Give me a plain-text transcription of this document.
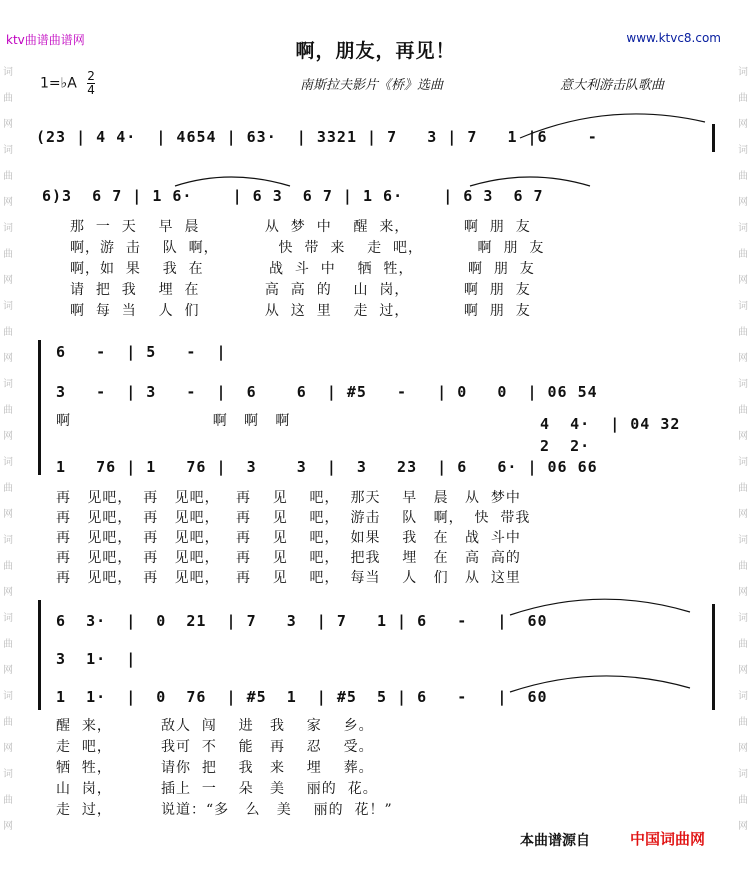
词
曲
网
词
曲
网
词
曲
网
词
曲
网
词
曲
网
词
曲
网
词
曲
网
词
曲
网
词
曲
网
词
曲
网
词
曲
网
词
曲
网
词
曲
网
词
曲
网
词
曲
网
词
曲
网
词
曲
网
词
曲
网
词
曲
网
词
曲
网
ktv曲谱曲谱网	www.ktvc8.com
啊，朋友，再见！
1=♭A $\frac{2}{4}$	南斯拉夫影片《桥》选曲	意大利游击队歌曲
(23 | 4 4·  | 4654 | 63·  | 3321 | 7   3 | 7   1 |6    -
6)3  6 7 | 1 6·    | 6 3  6 7 | 1 6·    | 6 3  6 7
那  一  天    早  晨            从  梦  中    醒  来，          啊  朋  友
啊，游  击    队  啊，           快  带  来    走  吧，          啊  朋  友
啊，如  果    我  在            战  斗  中    牺  牲，          啊  朋  友
请  把  我    埋  在            高  高  的    山  岗，          啊  朋  友
啊  每  当    人  们            从  这  里    走  过，          啊  朋  友
6   -  | 5   -  |
3   -  | 3   -  |  6    6  | #5   -   | 0   0  | 06 54
啊                          啊   啊   啊	4  4·  | 04 32
2  2·
1   76 | 1   76 |  3    3  |  3   23  | 6   6· | 06 66
再   见吧，  再   见吧，   再    见    吧，  那天    早   晨   从  梦中
再   见吧，  再   见吧，   再    见    吧，  游击    队   啊，  快  带我
再   见吧，  再   见吧，   再    见    吧，  如果    我   在   战  斗中
再   见吧，  再   见吧，   再    见    吧，  把我    埋   在   高  高的
再   见吧，  再   见吧，   再    见    吧，  每当    人   们   从  这里
6  3·  |  0  21  | 7   3  | 7   1 | 6   -   |  60
3  1·  |
1  1·  |  0  76  | #5  1  | #5  5 | 6   -   |  60
醒  来，         敌人  闯    进   我    家    乡。
走  吧，         我可  不    能   再    忍    受。
牺  牲，         请你  把    我   来    埋    葬。
山  岗，         插上  一    朵   美    丽的  花。
走  过，         说道：“多   么   美    丽的  花！”
本曲谱源自	中国词曲网
